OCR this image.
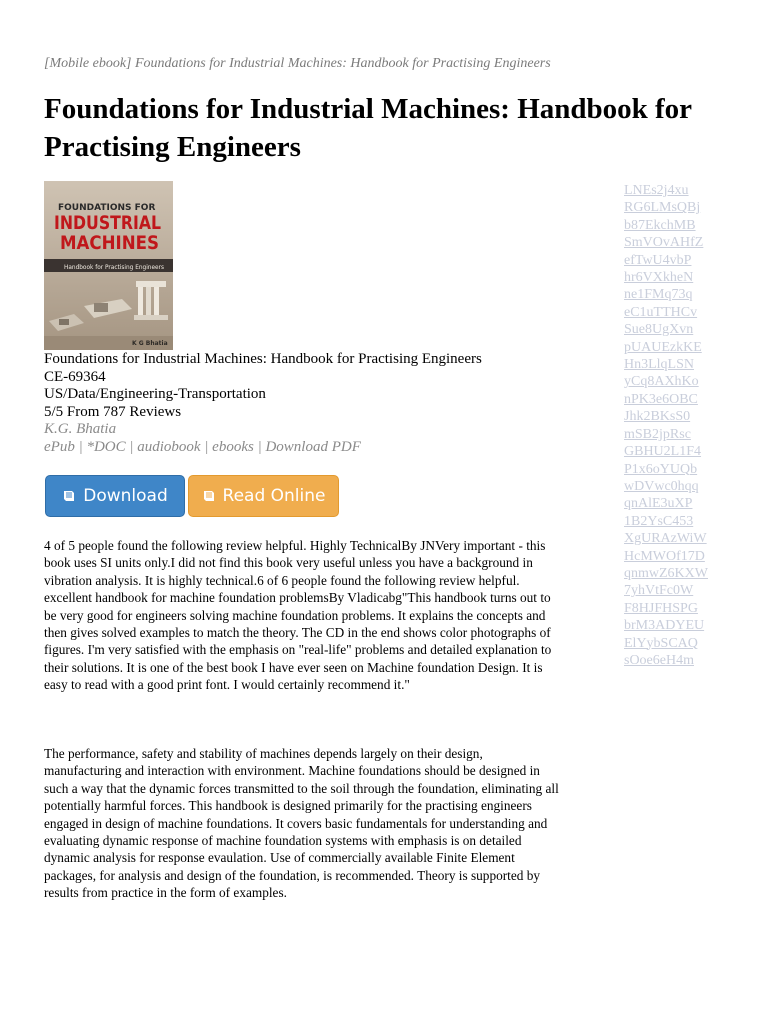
[Mobile ebook] Foundations for Industrial Machines: Handbook for Practising Engineers
Foundations for Industrial Machines: Handbook for Practising Engineers
FOUNDATIONS FOR
INDUSTRIAL
MACHINES
Handbook for Practising Engineers
K G Bhatia
Foundations for Industrial Machines: Handbook for Practising Engineers
CE-69364
US/Data/Engineering-Transportation
5/5 From 787 Reviews
K.G. Bhatia
ePub | *DOC | audiobook | ebooks | Download PDF
Download	Read Online

4 of 5 people found the following review helpful. Highly TechnicalBy JNVery important - this book uses SI units only.I did not find this book very useful unless you have a background in vibration analysis. It is highly technical.6 of 6 people found the following review helpful. excellent handbook for machine foundation problemsBy Vladicabg"This handbook turns out to be very good for engineers solving machine foundation problems. It explains the concepts and then gives solved examples to match the theory. The CD in the end shows color photographs of figures. I'm very satisfied with the emphasis on "real-life" problems and detailed explanation to their solutions. It is one of the best book I have ever seen on Machine foundation Design. It is easy to read with a good print font. I would certainly recommend it."

The performance, safety and stability of machines depends largely on their design, manufacturing and interaction with environment. Machine foundations should be designed in such a way that the dynamic forces transmitted to the soil through the foundation, eliminating all potentially harmful forces. This handbook is designed primarily for the practising engineers engaged in design of machine foundations. It covers basic fundamentals for understanding and evaluating dynamic response of machine foundation systems with emphasis is on detailed dynamic analysis for response evaulation. Use of commercially available Finite Element packages, for analysis and design of the foundation, is recommended. Theory is supported by results from practice in the form of examples.

LNEs2j4xu
RG6LMsQBj
b87EkchMB
SmVOvAHfZ
efTwU4vbP
hr6VXkheN
ne1FMq73q
eC1uTTHCv
Sue8UgXvn
pUAUEzkKE
Hn3LlqLSN
yCq8AXhKo
nPK3e6OBC
Jhk2BKsS0
mSB2jpRsc
GBHU2L1F4
P1x6oYUQb
wDVwc0hqq
qnAlE3uXP
1B2YsC453
XgURAzWiW
HcMWOf17D
qnmwZ6KXW
7yhVtFc0W
F8HJFHSPG
brM3ADYEU
ElYybSCAQ
sOoe6eH4m
